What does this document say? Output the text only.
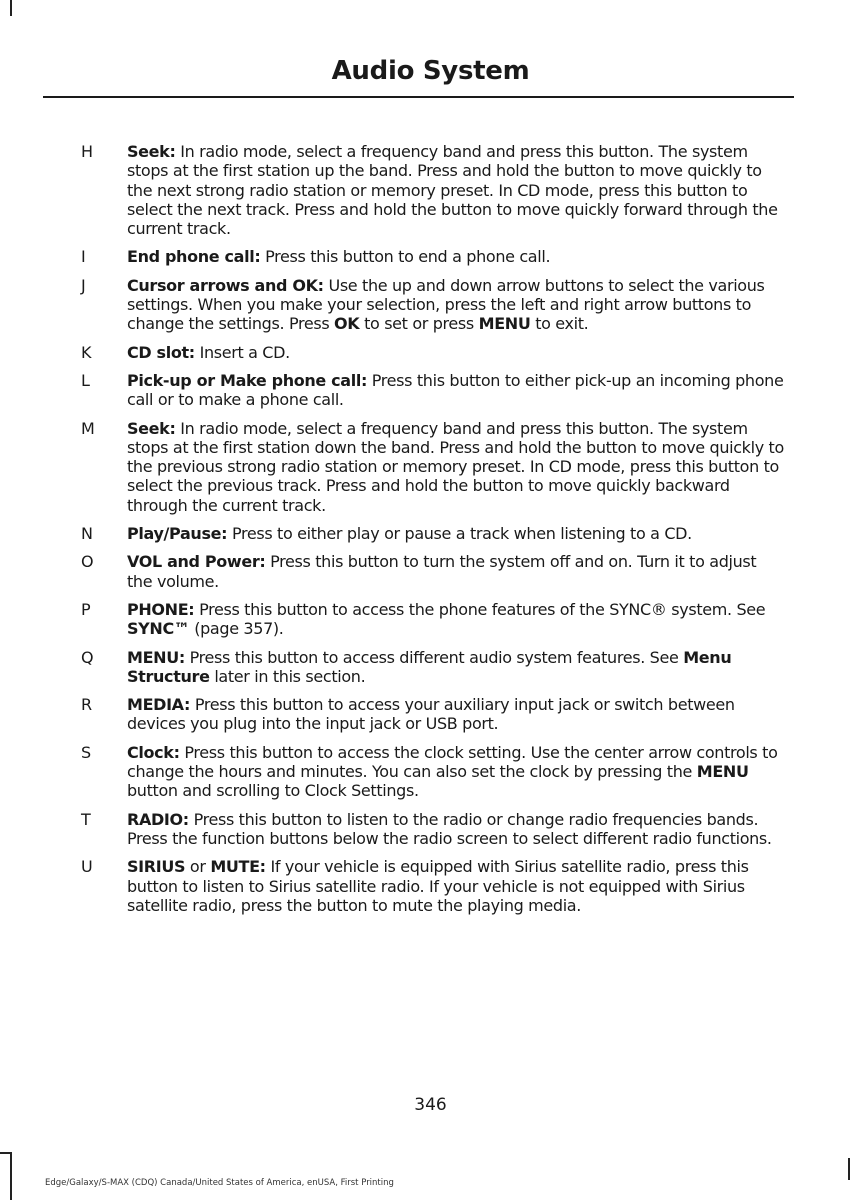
Audio System
H	Seek: In radio mode, select a frequency band and press this button. The system stops at the first station up the band. Press and hold the button to move quickly to the next strong radio station or memory preset. In CD mode, press this button to select the next track. Press and hold the button to move quickly forward through the current track.
I	End phone call: Press this button to end a phone call.
J	Cursor arrows and OK: Use the up and down arrow buttons to select the various settings. When you make your selection, press the left and right arrow buttons to change the settings. Press OK to set or press MENU to exit.
K	CD slot: Insert a CD.
L	Pick-up or Make phone call: Press this button to either pick-up an incoming phone call or to make a phone call.
M	Seek: In radio mode, select a frequency band and press this button. The system stops at the first station down the band. Press and hold the button to move quickly to the previous strong radio station or memory preset. In CD mode, press this button to select the previous track. Press and hold the button to move quickly backward through the current track.
N	Play/Pause: Press to either play or pause a track when listening to a CD.
O	VOL and Power: Press this button to turn the system off and on. Turn it to adjust the volume.
P	PHONE: Press this button to access the phone features of the SYNC® system. See SYNC™ (page 357).
Q	MENU: Press this button to access different audio system features. See Menu Structure later in this section.
R	MEDIA: Press this button to access your auxiliary input jack or switch between devices you plug into the input jack or USB port.
S	Clock: Press this button to access the clock setting. Use the center arrow controls to change the hours and minutes. You can also set the clock by pressing the MENU button and scrolling to Clock Settings.
T	RADIO: Press this button to listen to the radio or change radio frequencies bands. Press the function buttons below the radio screen to select different radio functions.
U	SIRIUS or MUTE: If your vehicle is equipped with Sirius satellite radio, press this button to listen to Sirius satellite radio. If your vehicle is not equipped with Sirius satellite radio, press the button to mute the playing media.
346
Edge/Galaxy/S-MAX (CDQ) Canada/United States of America, enUSA, First Printing
